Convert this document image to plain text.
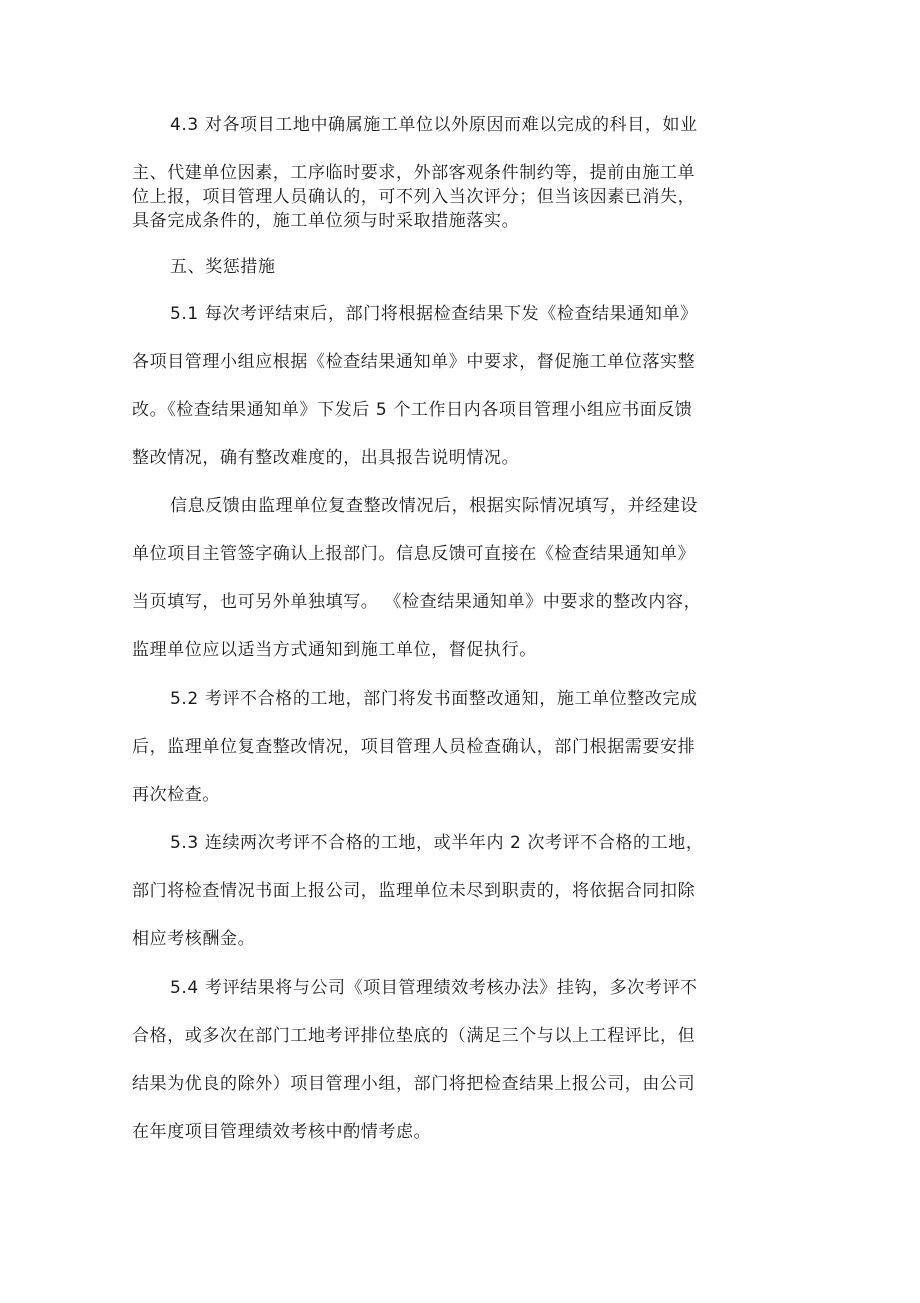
4.3 对各项目工地中确属施工单位以外原因而难以完成的科目，如业
主、代建单位因素，工序临时要求，外部客观条件制约等，提前由施工单
位上报，项目管理人员确认的，可不列入当次评分；但当该因素已消失，
具备完成条件的，施工单位须与时采取措施落实。
五、奖惩措施
5.1 每次考评结束后，部门将根据检查结果下发《检查结果通知单》
各项目管理小组应根据《检查结果通知单》中要求，督促施工单位落实整
改。《检查结果通知单》下发后 5 个工作日内各项目管理小组应书面反馈
整改情况，确有整改难度的，出具报告说明情况。
信息反馈由监理单位复查整改情况后，根据实际情况填写，并经建设
单位项目主管签字确认上报部门。信息反馈可直接在《检查结果通知单》
当页填写，也可另外单独填写。 《检查结果通知单》中要求的整改内容，
监理单位应以适当方式通知到施工单位，督促执行。
5.2 考评不合格的工地，部门将发书面整改通知，施工单位整改完成
后，监理单位复查整改情况，项目管理人员检查确认，部门根据需要安排
再次检查。
5.3 连续两次考评不合格的工地，或半年内 2 次考评不合格的工地，
部门将检查情况书面上报公司，监理单位未尽到职责的，将依据合同扣除
相应考核酬金。
5.4 考评结果将与公司《项目管理绩效考核办法》挂钩，多次考评不
合格，或多次在部门工地考评排位垫底的（满足三个与以上工程评比，但
结果为优良的除外）项目管理小组，部门将把检查结果上报公司，由公司
在年度项目管理绩效考核中酌情考虑。
